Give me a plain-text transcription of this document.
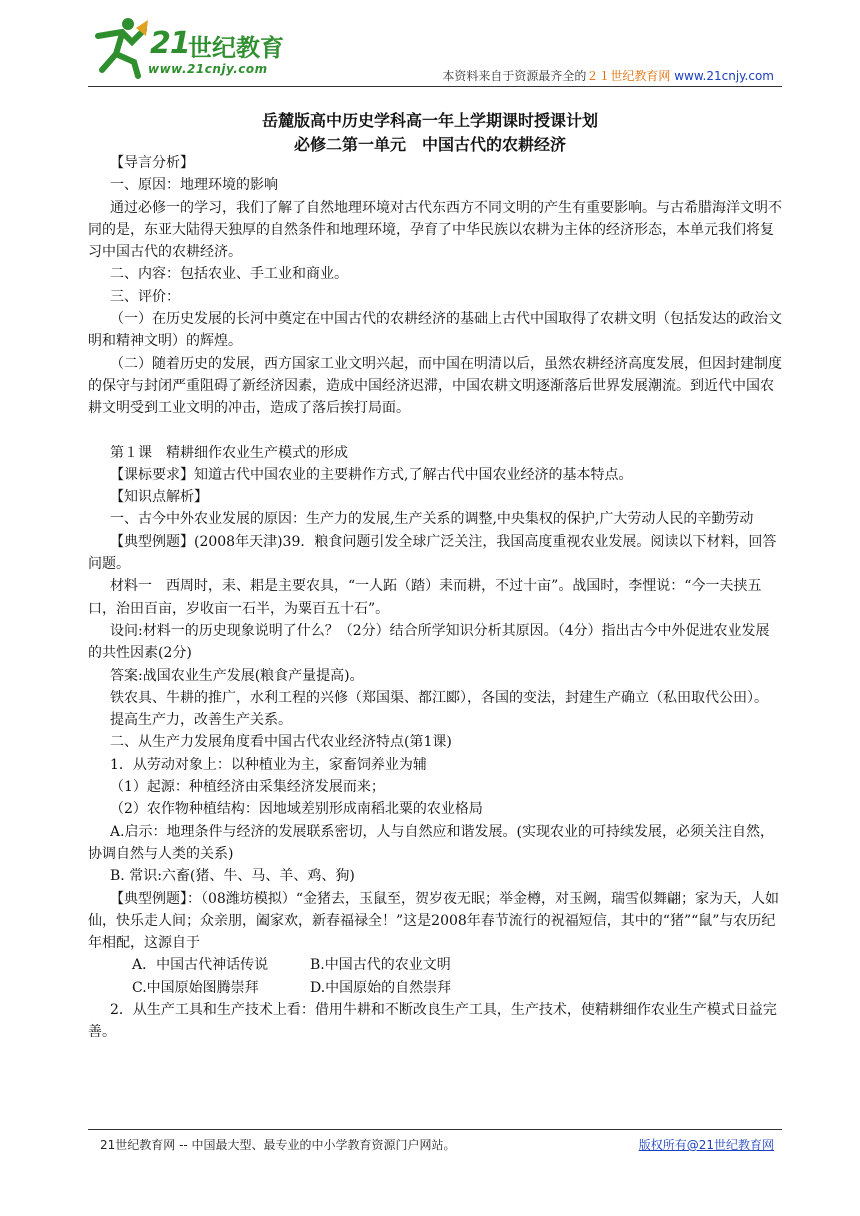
21
世纪教育
www.21cnjy.com	本资料来自于资源最齐全的２１世纪教育网 www.21cnjy.com
岳麓版高中历史学科高一年上学期课时授课计划
必修二第一单元　中国古代的农耕经济

【导言分析】

一、原因：地理环境的影响

通过必修一的学习，我们了解了自然地理环境对古代东西方不同文明的产生有重要影响。与古希腊海洋文明不同的是，东亚大陆得天独厚的自然条件和地理环境，孕育了中华民族以农耕为主体的经济形态，本单元我们将复习中国古代的农耕经济。

二、内容：包括农业、手工业和商业。

三、评价：

（一）在历史发展的长河中奠定在中国古代的农耕经济的基础上古代中国取得了农耕文明（包括发达的政治文明和精神文明）的辉煌。

（二）随着历史的发展，西方国家工业文明兴起，而中国在明清以后，虽然农耕经济高度发展，但因封建制度的保守与封闭严重阻碍了新经济因素，造成中国经济迟滞，中国农耕文明逐渐落后世界发展潮流。到近代中国农耕文明受到工业文明的冲击，造成了落后挨打局面。

第１课　精耕细作农业生产模式的形成

【课标要求】知道古代中国农业的主要耕作方式,了解古代中国农业经济的基本特点。

【知识点解析】

一、古今中外农业发展的原因：生产力的发展,生产关系的调整,中央集权的保护,广大劳动人民的辛勤劳动

【典型例题】(2008年天津)39．粮食问题引发全球广泛关注，我国高度重视农业发展。阅读以下材料，回答问题。

材料一　西周时，耒、耜是主要农具，“一人跖（踏）耒而耕，不过十亩”。战国时，李悝说：“今一夫挟五口，治田百亩，岁收亩一石半，为粟百五十石”。

设问:材料一的历史现象说明了什么？（2分）结合所学知识分析其原因。（4分）指出古今中外促进农业发展的共性因素(2分)

答案:战国农业生产发展(粮食产量提高)。

铁农具、牛耕的推广，水利工程的兴修（郑国渠、都江郾），各国的变法，封建生产确立（私田取代公田）。

提高生产力，改善生产关系。

二、从生产力发展角度看中国古代农业经济特点(第1课)

1．从劳动对象上：以种植业为主，家畜饲养业为辅

（1）起源：种植经济由采集经济发展而来；

（2）农作物种植结构：因地域差别形成南稻北粟的农业格局

A.启示：地理条件与经济的发展联系密切，人与自然应和谐发展。(实现农业的可持续发展，必须关注自然，协调自然与人类的关系)

B. 常识:六畜(猪、牛、马、羊、鸡、狗)

【典型例题】：（08潍坊模拟）“金猪去，玉鼠至，贺岁夜无眠；举金樽，对玉阙，瑞雪似舞翩；家为天，人如仙，快乐走人间；众亲朋，阖家欢，新春福禄全！”这是2008年春节流行的祝福短信，其中的“猪”“鼠”与农历纪年相配，这源自于

A．中国古代神话传说	B.中国古代的农业文明

C.中国原始图腾崇拜	D.中国原始的自然崇拜

2．从生产工具和生产技术上看：借用牛耕和不断改良生产工具，生产技术，使精耕细作农业生产模式日益完善。

21世纪教育网 -- 中国最大型、最专业的中小学教育资源门户网站。	版权所有@21世纪教育网
